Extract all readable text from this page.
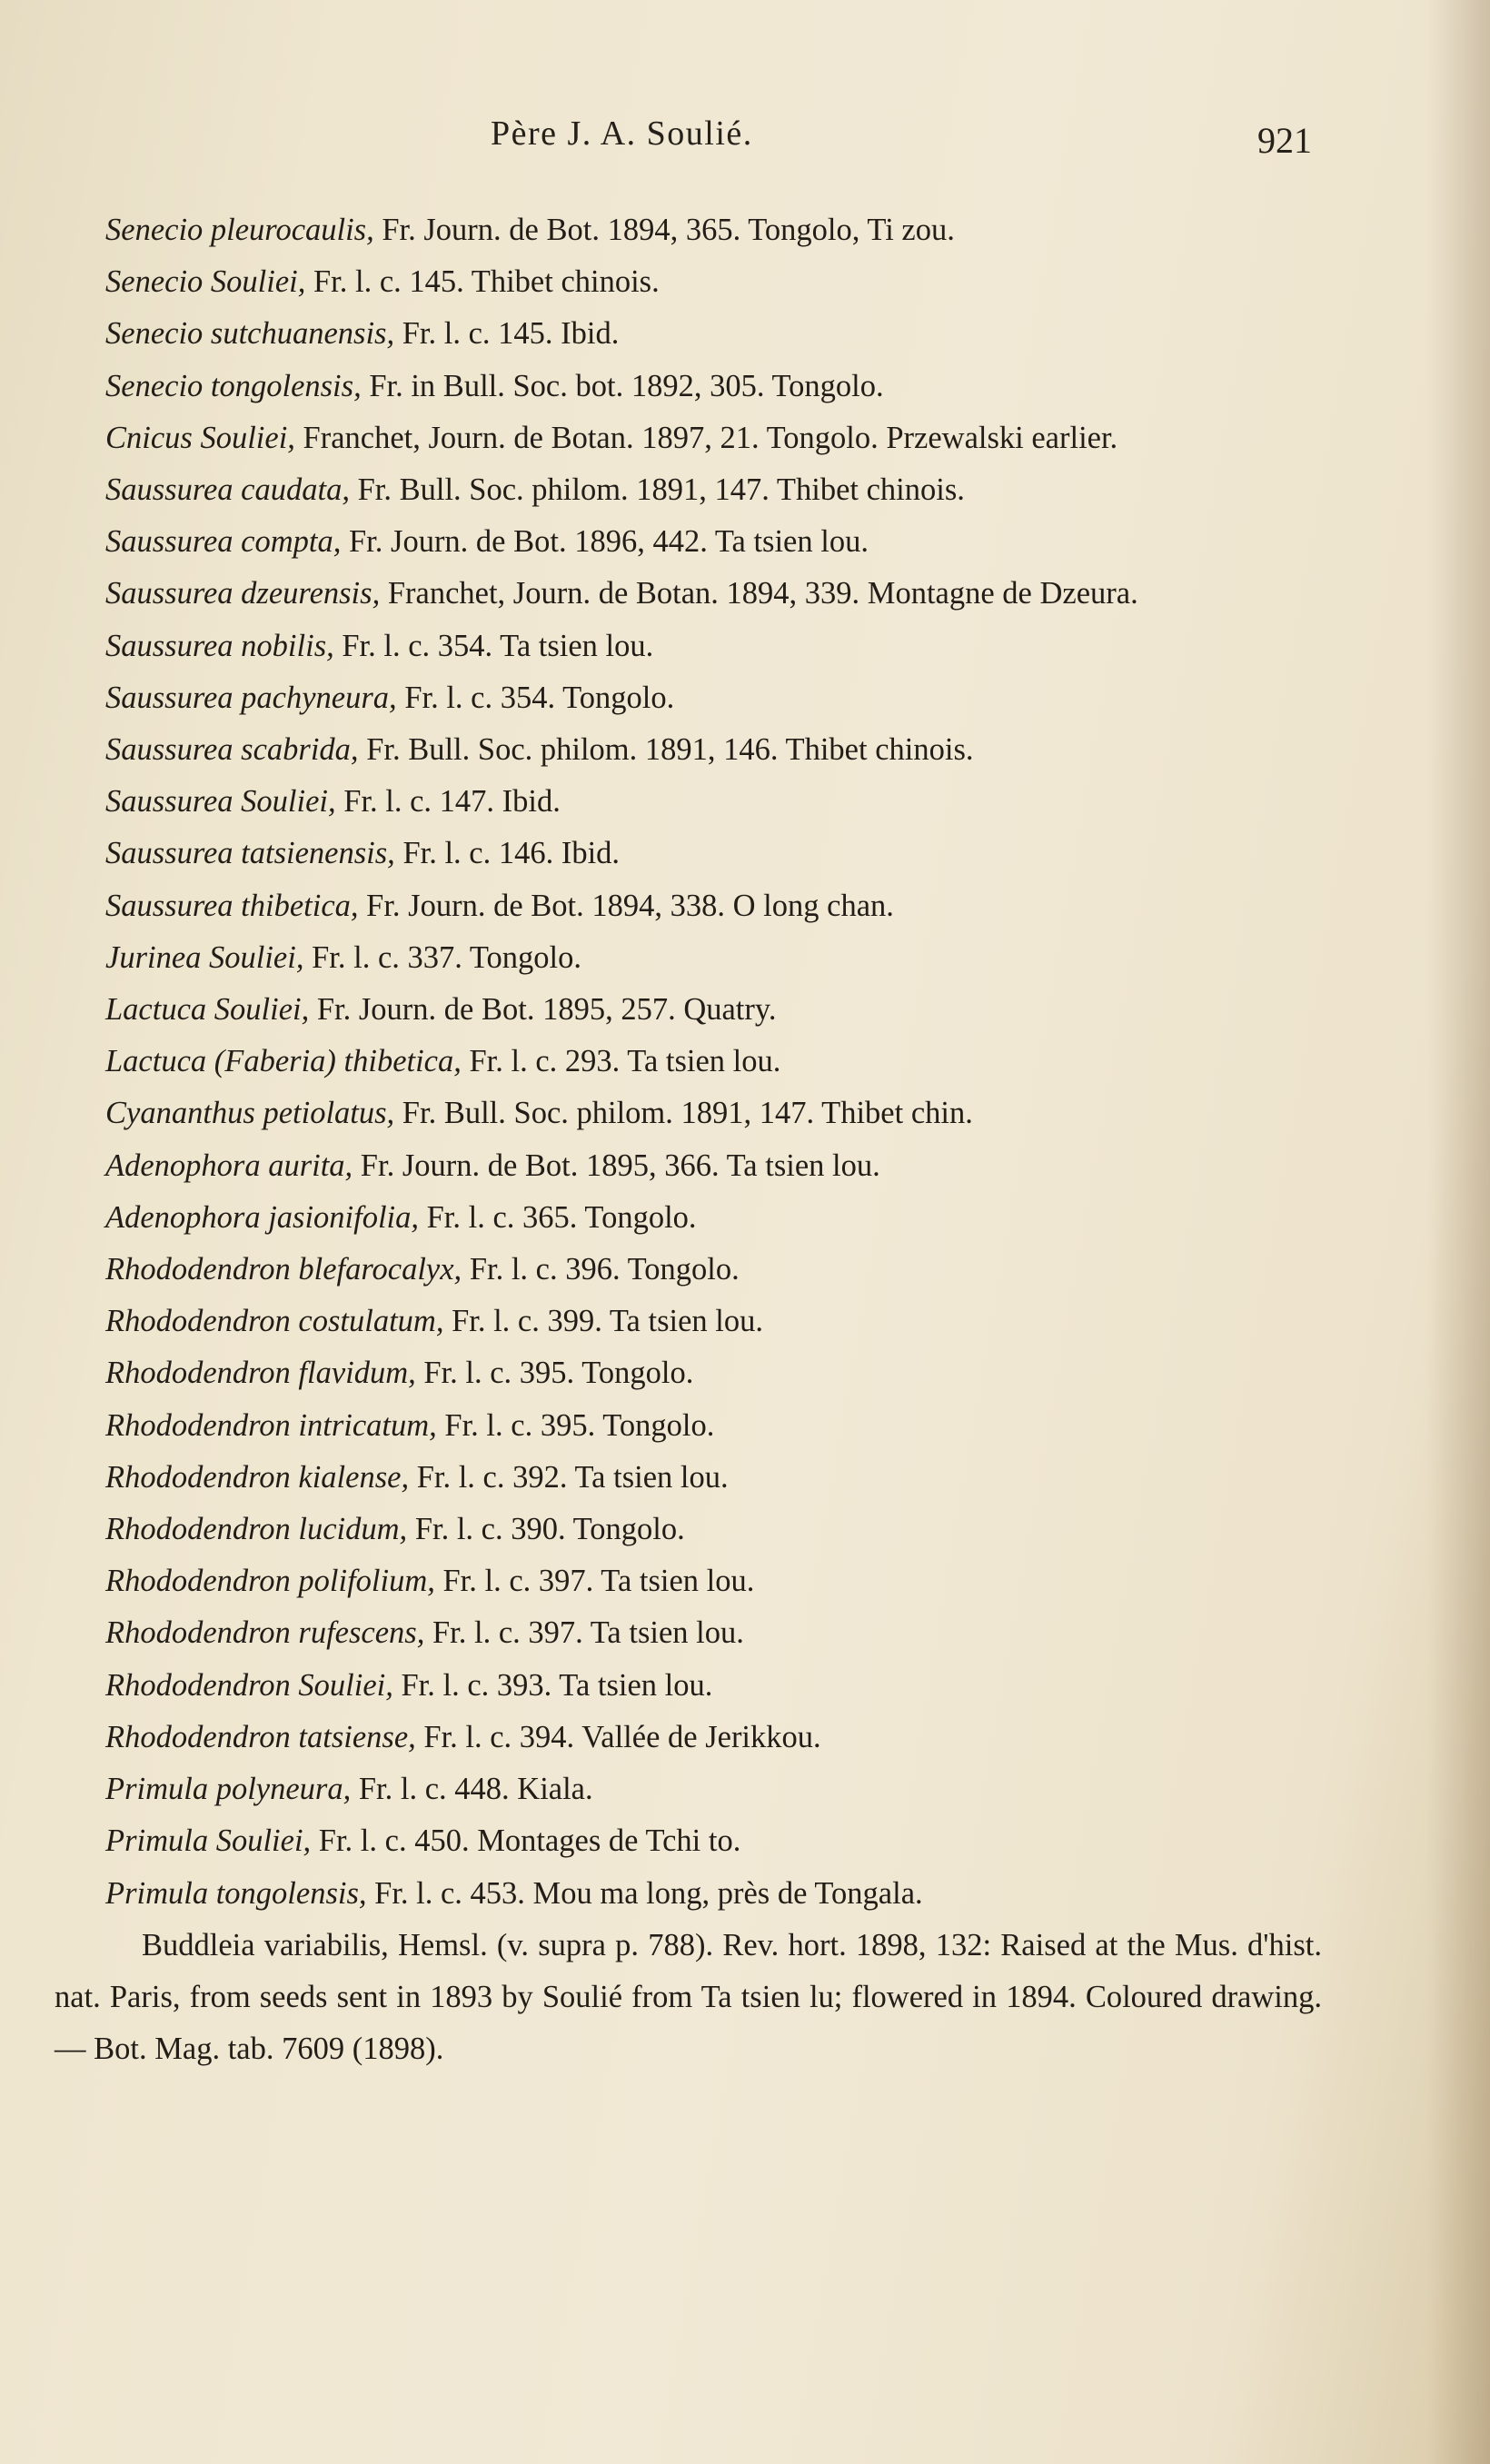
Père J. A. Soulié.	921

Senecio pleurocaulis, Fr. Journ. de Bot. 1894, 365. Tongolo, Ti zou.

Senecio Souliei, Fr. l. c. 145. Thibet chinois.

Senecio sutchuanensis, Fr. l. c. 145. Ibid.

Senecio tongolensis, Fr. in Bull. Soc. bot. 1892, 305. Tongolo.

Cnicus Souliei, Franchet, Journ. de Botan. 1897, 21. Tongolo. Przewalski earlier.

Saussurea caudata, Fr. Bull. Soc. philom. 1891, 147. Thibet chinois.

Saussurea compta, Fr. Journ. de Bot. 1896, 442. Ta tsien lou.

Saussurea dzeurensis, Franchet, Journ. de Botan. 1894, 339. Montagne de Dzeura.

Saussurea nobilis, Fr. l. c. 354. Ta tsien lou.

Saussurea pachyneura, Fr. l. c. 354. Tongolo.

Saussurea scabrida, Fr. Bull. Soc. philom. 1891, 146. Thibet chinois.

Saussurea Souliei, Fr. l. c. 147. Ibid.

Saussurea tatsienensis, Fr. l. c. 146. Ibid.

Saussurea thibetica, Fr. Journ. de Bot. 1894, 338. O long chan.

Jurinea Souliei, Fr. l. c. 337. Tongolo.

Lactuca Souliei, Fr. Journ. de Bot. 1895, 257. Quatry.

Lactuca (Faberia) thibetica, Fr. l. c. 293. Ta tsien lou.

Cyananthus petiolatus, Fr. Bull. Soc. philom. 1891, 147. Thibet chin.

Adenophora aurita, Fr. Journ. de Bot. 1895, 366. Ta tsien lou.

Adenophora jasionifolia, Fr. l. c. 365. Tongolo.

Rhododendron blefarocalyx, Fr. l. c. 396. Tongolo.

Rhododendron costulatum, Fr. l. c. 399. Ta tsien lou.

Rhododendron flavidum, Fr. l. c. 395. Tongolo.

Rhododendron intricatum, Fr. l. c. 395. Tongolo.

Rhododendron kialense, Fr. l. c. 392. Ta tsien lou.

Rhododendron lucidum, Fr. l. c. 390. Tongolo.

Rhododendron polifolium, Fr. l. c. 397. Ta tsien lou.

Rhododendron rufescens, Fr. l. c. 397. Ta tsien lou.

Rhododendron Souliei, Fr. l. c. 393. Ta tsien lou.

Rhododendron tatsiense, Fr. l. c. 394. Vallée de Jerikkou.

Primula polyneura, Fr. l. c. 448. Kiala.

Primula Souliei, Fr. l. c. 450. Montages de Tchi to.

Primula tongolensis, Fr. l. c. 453. Mou ma long, près de Tongala.

Buddleia variabilis, Hemsl. (v. supra p. 788). Rev. hort. 1898, 132: Raised at the Mus. d'hist. nat. Paris, from seeds sent in 1893 by Soulié from Ta tsien lu; flowered in 1894. Coloured drawing. — Bot. Mag. tab. 7609 (1898).
